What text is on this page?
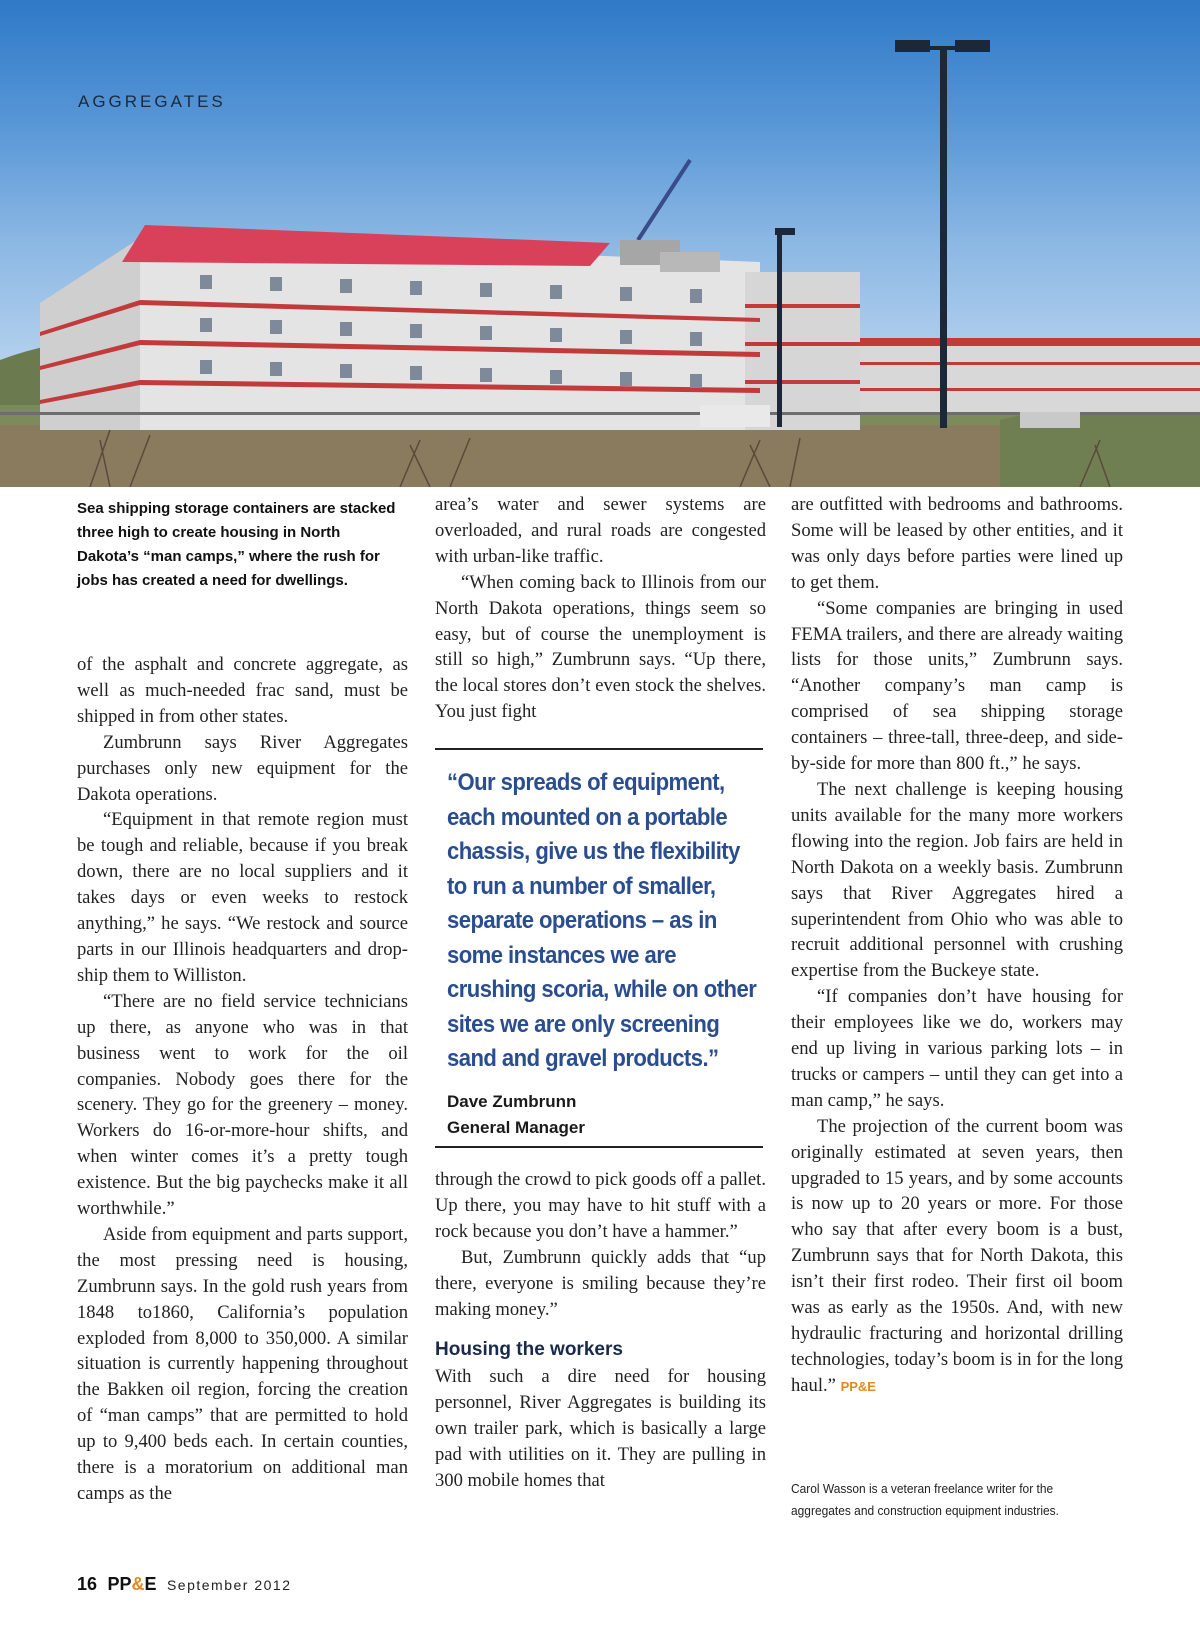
AGGREGATES
Sea shipping storage containers are stacked three high to create housing in North Dakota’s “man camps,” where the rush for jobs has created a need for dwellings.

of the asphalt and concrete aggregate, as well as much-needed frac sand, must be shipped in from other states.

Zumbrunn says River Aggregates purchases only new equipment for the Dakota operations.

“Equipment in that remote region must be tough and reliable, because if you break down, there are no local suppliers and it takes days or even weeks to restock anything,” he says. “We restock and source parts in our Illinois headquarters and drop-ship them to Williston.

“There are no field service technicians up there, as anyone who was in that business went to work for the oil companies. Nobody goes there for the scenery. They go for the greenery – money. Workers do 16-or-more-hour shifts, and when winter comes it’s a pretty tough existence. But the big paychecks make it all worthwhile.”

Aside from equipment and parts support, the most pressing need is housing, Zumbrunn says. In the gold rush years from 1848 to1860, California’s population exploded from 8,000 to 350,000. A similar situation is currently happening throughout the Bakken oil region, forcing the creation of “man camps” that are permitted to hold up to 9,400 beds each. In certain counties, there is a moratorium on additional man camps as the

area’s water and sewer systems are overloaded, and rural roads are congested with urban-like traffic.

“When coming back to Illinois from our North Dakota operations, things seem so easy, but of course the unemployment is still so high,” Zumbrunn says. “Up there, the local stores don’t even stock the shelves. You just fight

“Our spreads of equipment, each mounted on a portable chassis, give us the flexibility to run a number of smaller, separate operations – as in some instances we are crushing scoria, while on other sites we are only screening sand and gravel products.”
Dave Zumbrunn
General Manager

through the crowd to pick goods off a pallet. Up there, you may have to hit stuff with a rock because you don’t have a hammer.”

But, Zumbrunn quickly adds that “up there, everyone is smiling because they’re making money.”

Housing the workers

With such a dire need for housing personnel, River Aggregates is building its own trailer park, which is basically a large pad with utilities on it. They are pulling in 300 mobile homes that

are outfitted with bedrooms and bathrooms. Some will be leased by other entities, and it was only days before parties were lined up to get them.

“Some companies are bringing in used FEMA trailers, and there are already waiting lists for those units,” Zumbrunn says. “Another company’s man camp is comprised of sea shipping storage containers – three-tall, three-deep, and side-by-side for more than 800 ft.,” he says.

The next challenge is keeping housing units available for the many more workers flowing into the region. Job fairs are held in North Dakota on a weekly basis. Zumbrunn says that River Aggregates hired a superintendent from Ohio who was able to recruit additional personnel with crushing expertise from the Buckeye state.

“If companies don’t have housing for their employees like we do, workers may end up living in various parking lots – in trucks or campers – until they can get into a man camp,” he says.

The projection of the current boom was originally estimated at seven years, then upgraded to 15 years, and by some accounts is now up to 20 years or more. For those who say that after every boom is a bust, Zumbrunn says that for North Dakota, this isn’t their first rodeo. Their first oil boom was as early as the 1950s. And, with new hydraulic fracturing and horizontal drilling technologies, today’s boom is in for the long haul.” PP&E

Carol Wasson is a veteran freelance writer for the aggregates and construction equipment industries.
16 PP&E September 2012
